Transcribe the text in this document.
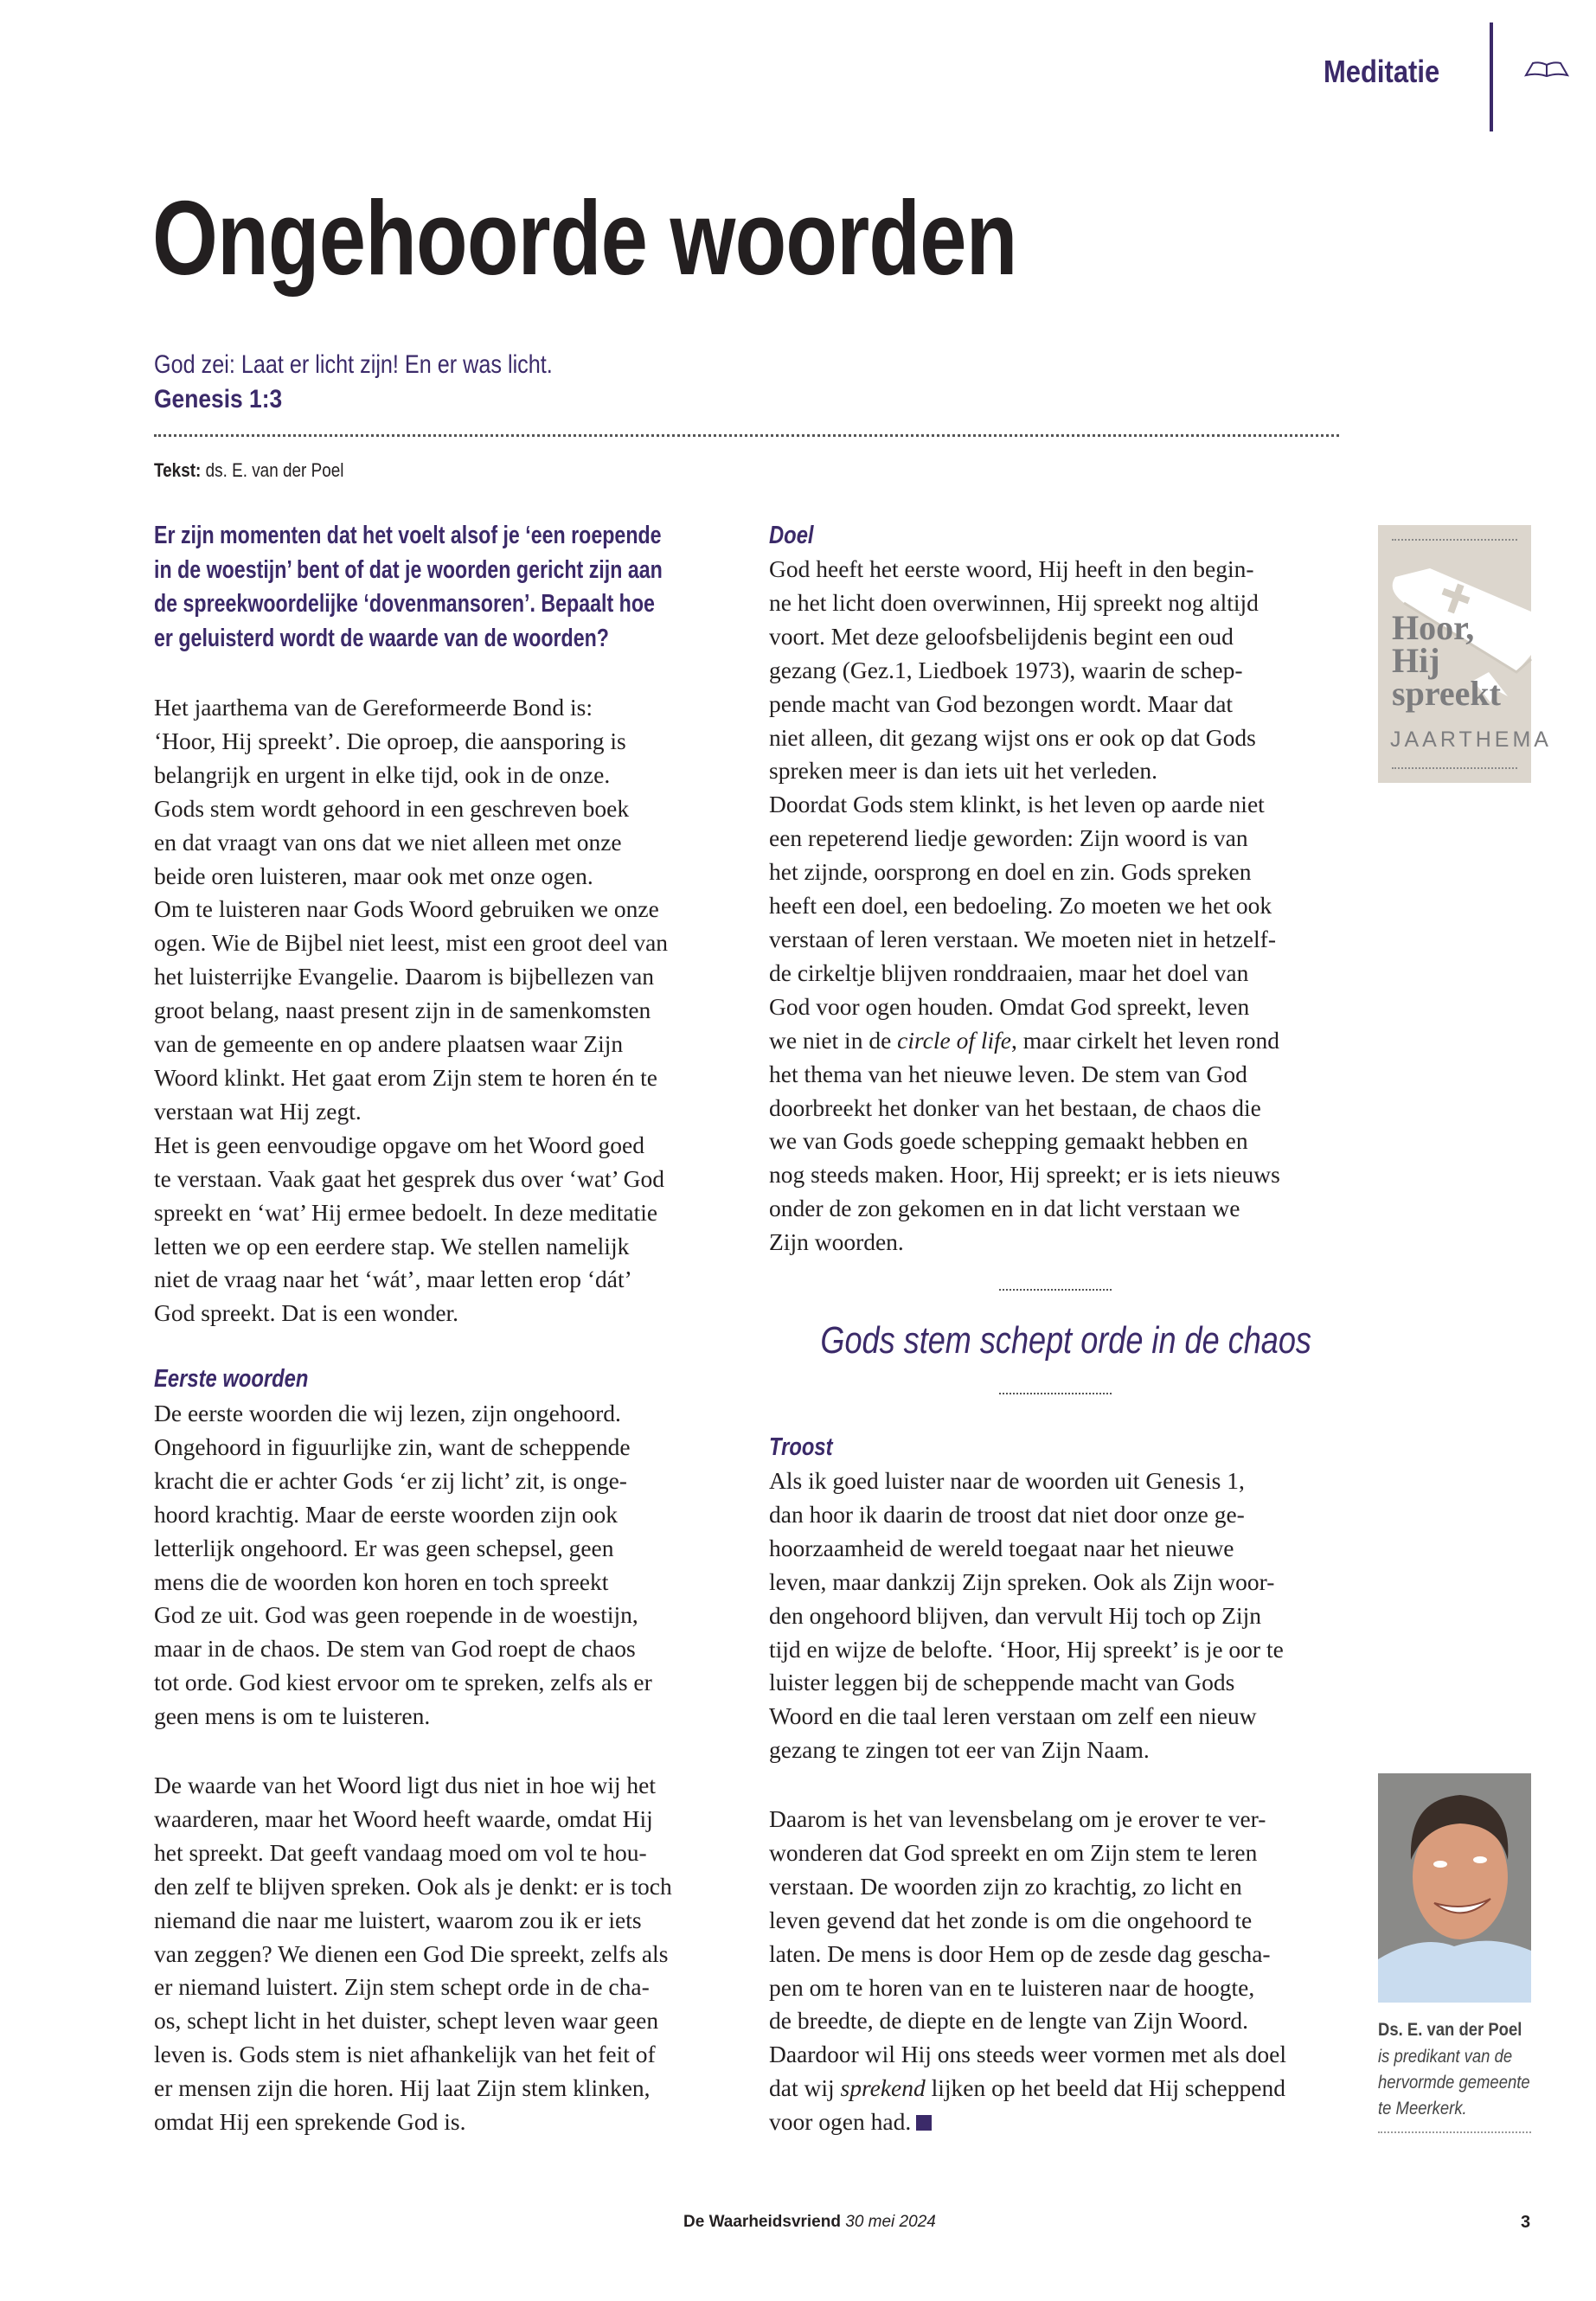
Meditatie
Ongehoorde woorden
God zei: Laat er licht zijn! En er was licht.
Genesis 1:3
Tekst: ds. E. van der Poel
Er zijn momenten dat het voelt alsof je ‘een roepende
in de woestijn’ bent of dat je woorden gericht zijn aan
de spreekwoordelijke ‘dovenmansoren’. Bepaalt hoe
er geluisterd wordt de waarde van de woorden?
Het jaarthema van de Gereformeerde Bond is:
‘Hoor, Hij spreekt’. Die oproep, die aansporing is
belangrijk en urgent in elke tijd, ook in de onze.
Gods stem wordt gehoord in een geschreven boek
en dat vraagt van ons dat we niet alleen met onze
beide oren luisteren, maar ook met onze ogen.
Om te luisteren naar Gods Woord gebruiken we onze
ogen. Wie de Bijbel niet leest, mist een groot deel van
het luisterrijke Evangelie. Daarom is bijbellezen van
groot belang, naast present zijn in de samenkomsten
van de gemeente en op andere plaatsen waar Zijn
Woord klinkt. Het gaat erom Zijn stem te horen én te
verstaan wat Hij zegt.
Het is geen eenvoudige opgave om het Woord goed
te verstaan. Vaak gaat het gesprek dus over ‘wat’ God
spreekt en ‘wat’ Hij ermee bedoelt. In deze meditatie
letten we op een eerdere stap. We stellen namelijk
niet de vraag naar het ‘wát’, maar letten erop ‘dát’
God spreekt. Dat is een wonder.
Eerste woorden
De eerste woorden die wij lezen, zijn ongehoord.
Ongehoord in figuurlijke zin, want de scheppende
kracht die er achter Gods ‘er zij licht’ zit, is onge-
hoord krachtig. Maar de eerste woorden zijn ook
letterlijk ongehoord. Er was geen schepsel, geen
mens die de woorden kon horen en toch spreekt
God ze uit. God was geen roepende in de woestijn,
maar in de chaos. De stem van God roept de chaos
tot orde. God kiest ervoor om te spreken, zelfs als er
geen mens is om te luisteren.
De waarde van het Woord ligt dus niet in hoe wij het
waarderen, maar het Woord heeft waarde, omdat Hij
het spreekt. Dat geeft vandaag moed om vol te hou-
den zelf te blijven spreken. Ook als je denkt: er is toch
niemand die naar me luistert, waarom zou ik er iets
van zeggen? We dienen een God Die spreekt, zelfs als
er niemand luistert. Zijn stem schept orde in de cha-
os, schept licht in het duister, schept leven waar geen
leven is. Gods stem is niet afhankelijk van het feit of
er mensen zijn die horen. Hij laat Zijn stem klinken,
omdat Hij een sprekende God is.
Doel
God heeft het eerste woord, Hij heeft in den begin-
ne het licht doen overwinnen, Hij spreekt nog altijd
voort. Met deze geloofsbelijdenis begint een oud
gezang (Gez.1, Liedboek 1973), waarin de schep-
pende macht van God bezongen wordt. Maar dat
niet alleen, dit gezang wijst ons er ook op dat Gods
spreken meer is dan iets uit het verleden.
Doordat Gods stem klinkt, is het leven op aarde niet
een repeterend liedje geworden: Zijn woord is van
het zijnde, oorsprong en doel en zin. Gods spreken
heeft een doel, een bedoeling. Zo moeten we het ook
verstaan of leren verstaan. We moeten niet in hetzelf-
de cirkeltje blijven ronddraaien, maar het doel van
God voor ogen houden. Omdat God spreekt, leven
we niet in de circle of life, maar cirkelt het leven rond
het thema van het nieuwe leven. De stem van God
doorbreekt het donker van het bestaan, de chaos die
we van Gods goede schepping gemaakt hebben en
nog steeds maken. Hoor, Hij spreekt; er is iets nieuws
onder de zon gekomen en in dat licht verstaan we
Zijn woorden.
Gods stem schept orde in de chaos
Troost
Als ik goed luister naar de woorden uit Genesis 1,
dan hoor ik daarin de troost dat niet door onze ge-
hoorzaamheid de wereld toegaat naar het nieuwe
leven, maar dankzij Zijn spreken. Ook als Zijn woor-
den ongehoord blijven, dan vervult Hij toch op Zijn
tijd en wijze de belofte. ‘Hoor, Hij spreekt’ is je oor te
luister leggen bij de scheppende macht van Gods
Woord en die taal leren verstaan om zelf een nieuw
gezang te zingen tot eer van Zijn Naam.
Daarom is het van levensbelang om je erover te ver-
wonderen dat God spreekt en om Zijn stem te leren
verstaan. De woorden zijn zo krachtig, zo licht en
leven gevend dat het zonde is om die ongehoord te
laten. De mens is door Hem op de zesde dag gescha-
pen om te horen van en te luisteren naar de hoogte,
de breedte, de diepte en de lengte van Zijn Woord.
Daardoor wil Hij ons steeds weer vormen met als doel
dat wij sprekend lijken op het beeld dat Hij scheppend
voor ogen had.
Hoor,
Hij
spreekt
JAARTHEMA
Ds. E. van der Poel
is predikant van de
hervormde gemeente
te Meerkerk.
De Waarheidsvriend 30 mei 2024	3
